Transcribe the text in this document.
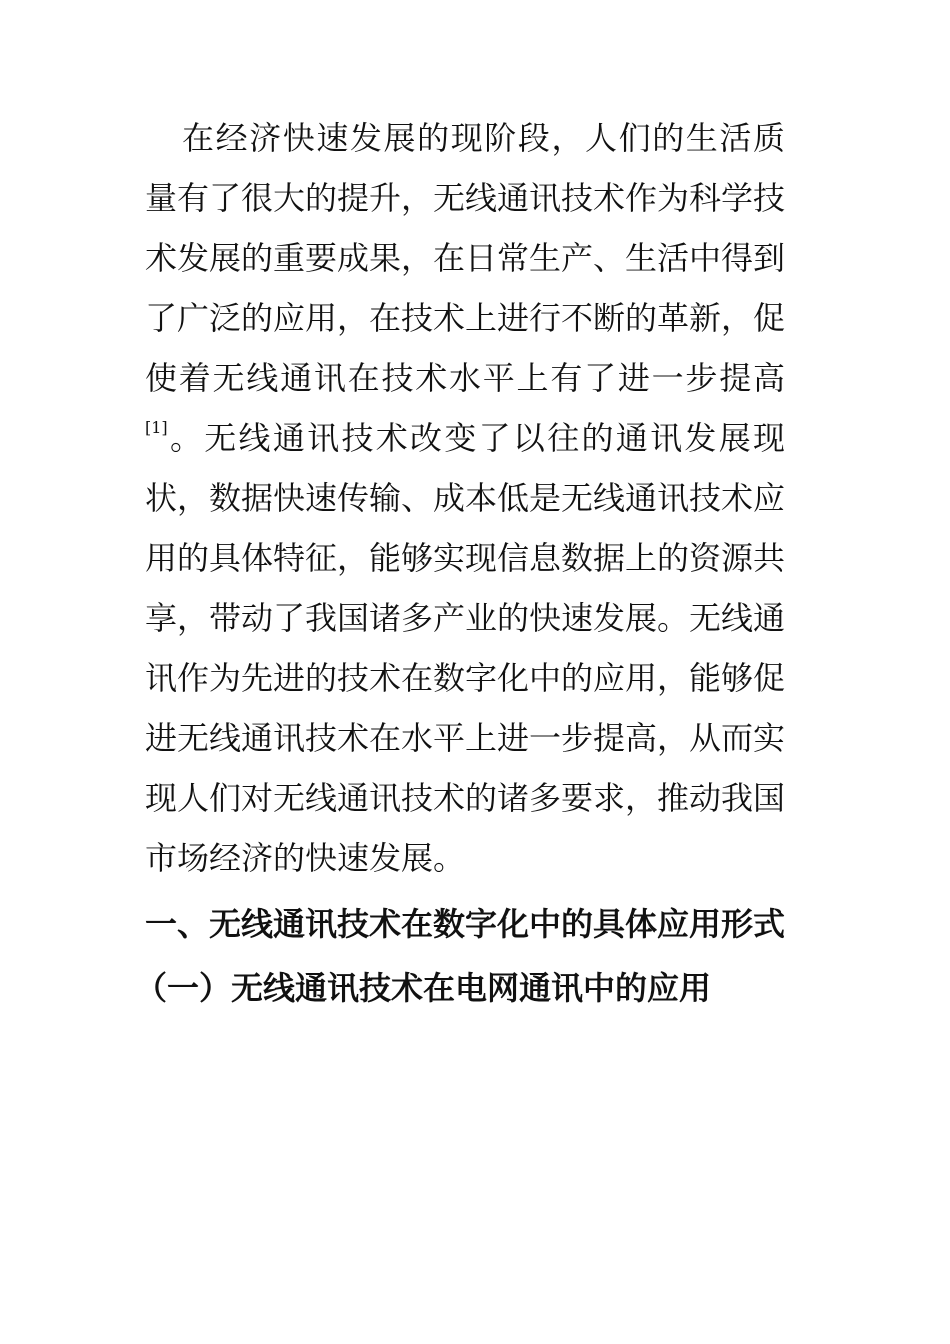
在经济快速发展的现阶段，人们的生活质量有了很大的提升，无线通讯技术作为科学技术发展的重要成果，在日常生产、生活中得到了广泛的应用，在技术上进行不断的革新，促使着无线通讯在技术水平上有了进一步提高[1]。无线通讯技术改变了以往的通讯发展现状，数据快速传输、成本低是无线通讯技术应用的具体特征，能够实现信息数据上的资源共享，带动了我国诸多产业的快速发展。无线通讯作为先进的技术在数字化中的应用，能够促进无线通讯技术在水平上进一步提高，从而实现人们对无线通讯技术的诸多要求，推动我国市场经济的快速发展。

一、无线通讯技术在数字化中的具体应用形式
（一）无线通讯技术在电网通讯中的应用
